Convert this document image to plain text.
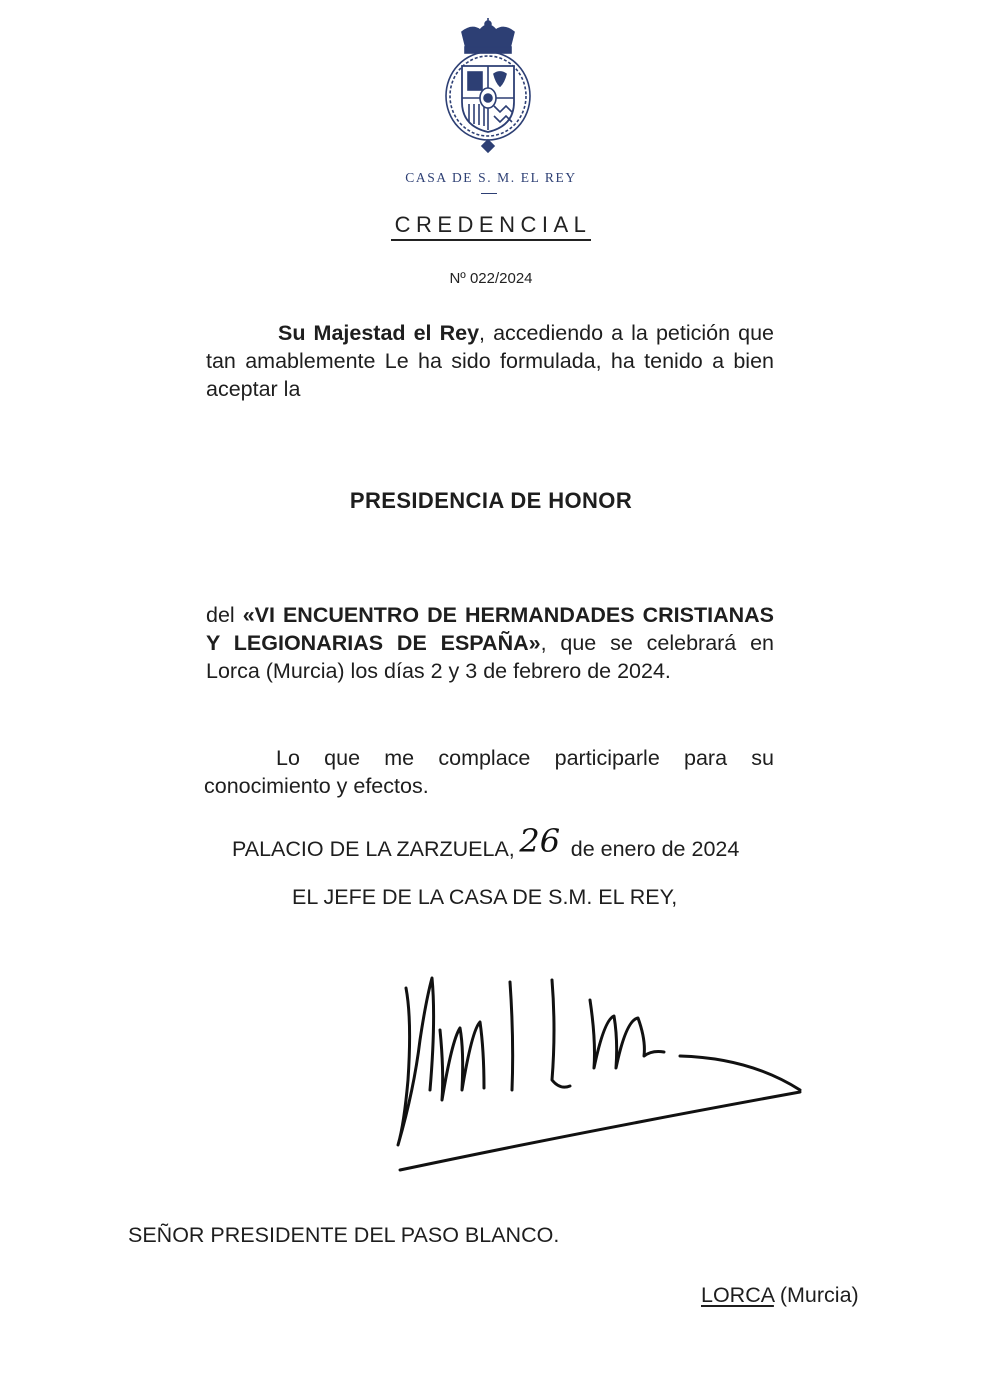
CASA DE S. M. EL REY
CREDENCIAL
Nº 022/2024
Su Majestad el Rey, accediendo a la petición que tan amablemente Le ha sido formulada, ha tenido a bien aceptar la
PRESIDENCIA DE HONOR
del «VI ENCUENTRO DE HERMANDADES CRISTIANAS Y LEGIONARIAS DE ESPAÑA», que se celebrará en Lorca (Murcia) los días 2 y 3 de febrero de 2024.
Lo que me complace participarle para su conocimiento y efectos.
PALACIO DE LA ZARZUELA, 26 de enero de 2024
EL JEFE DE LA CASA DE S.M. EL REY,
SEÑOR PRESIDENTE DEL PASO BLANCO.
LORCA (Murcia)
